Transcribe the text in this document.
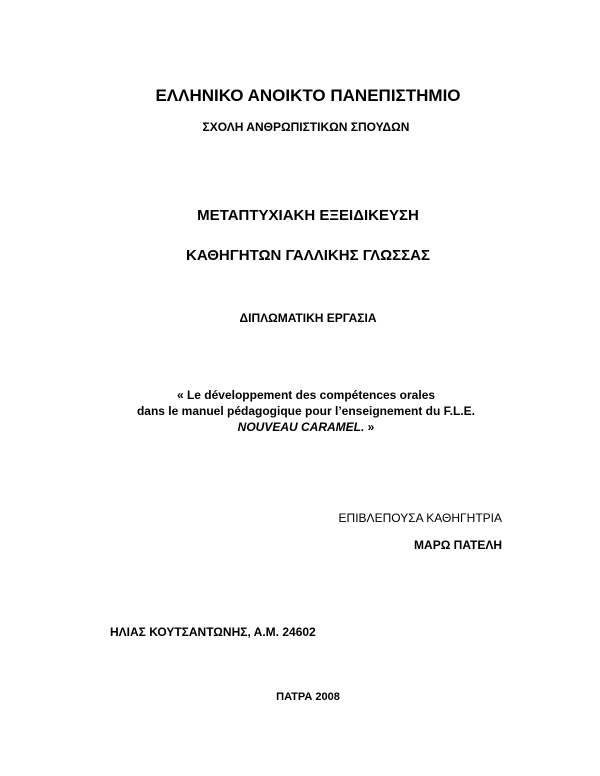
ΕΛΛΗΝΙΚΟ ΑΝΟΙΚΤΟ ΠΑΝΕΠΙΣΤΗΜΙΟ
ΣΧΟΛΗ ΑΝΘΡΩΠΙΣΤΙΚΩΝ ΣΠΟΥΔΩΝ
ΜΕΤΑΠΤΥΧΙΑΚΗ ΕΞΕΙΔΙΚΕΥΣΗ
ΚΑΘΗΓΗΤΩΝ ΓΑΛΛΙΚΗΣ ΓΛΩΣΣΑΣ
ΔΙΠΛΩΜΑΤΙΚΗ ΕΡΓΑΣΙΑ
« Le développement des compétences orales
dans le manuel pédagogique pour l’enseignement du F.L.E.
NOUVEAU CARAMEL. »
ΕΠΙΒΛΕΠΟΥΣΑ ΚΑΘΗΓΗΤΡΙΑ
ΜΑΡΩ ΠΑΤΕΛΗ
ΗΛΙΑΣ ΚΟΥΤΣΑΝΤΩΝΗΣ, Α.Μ. 24602
ΠΑΤΡΑ 2008
